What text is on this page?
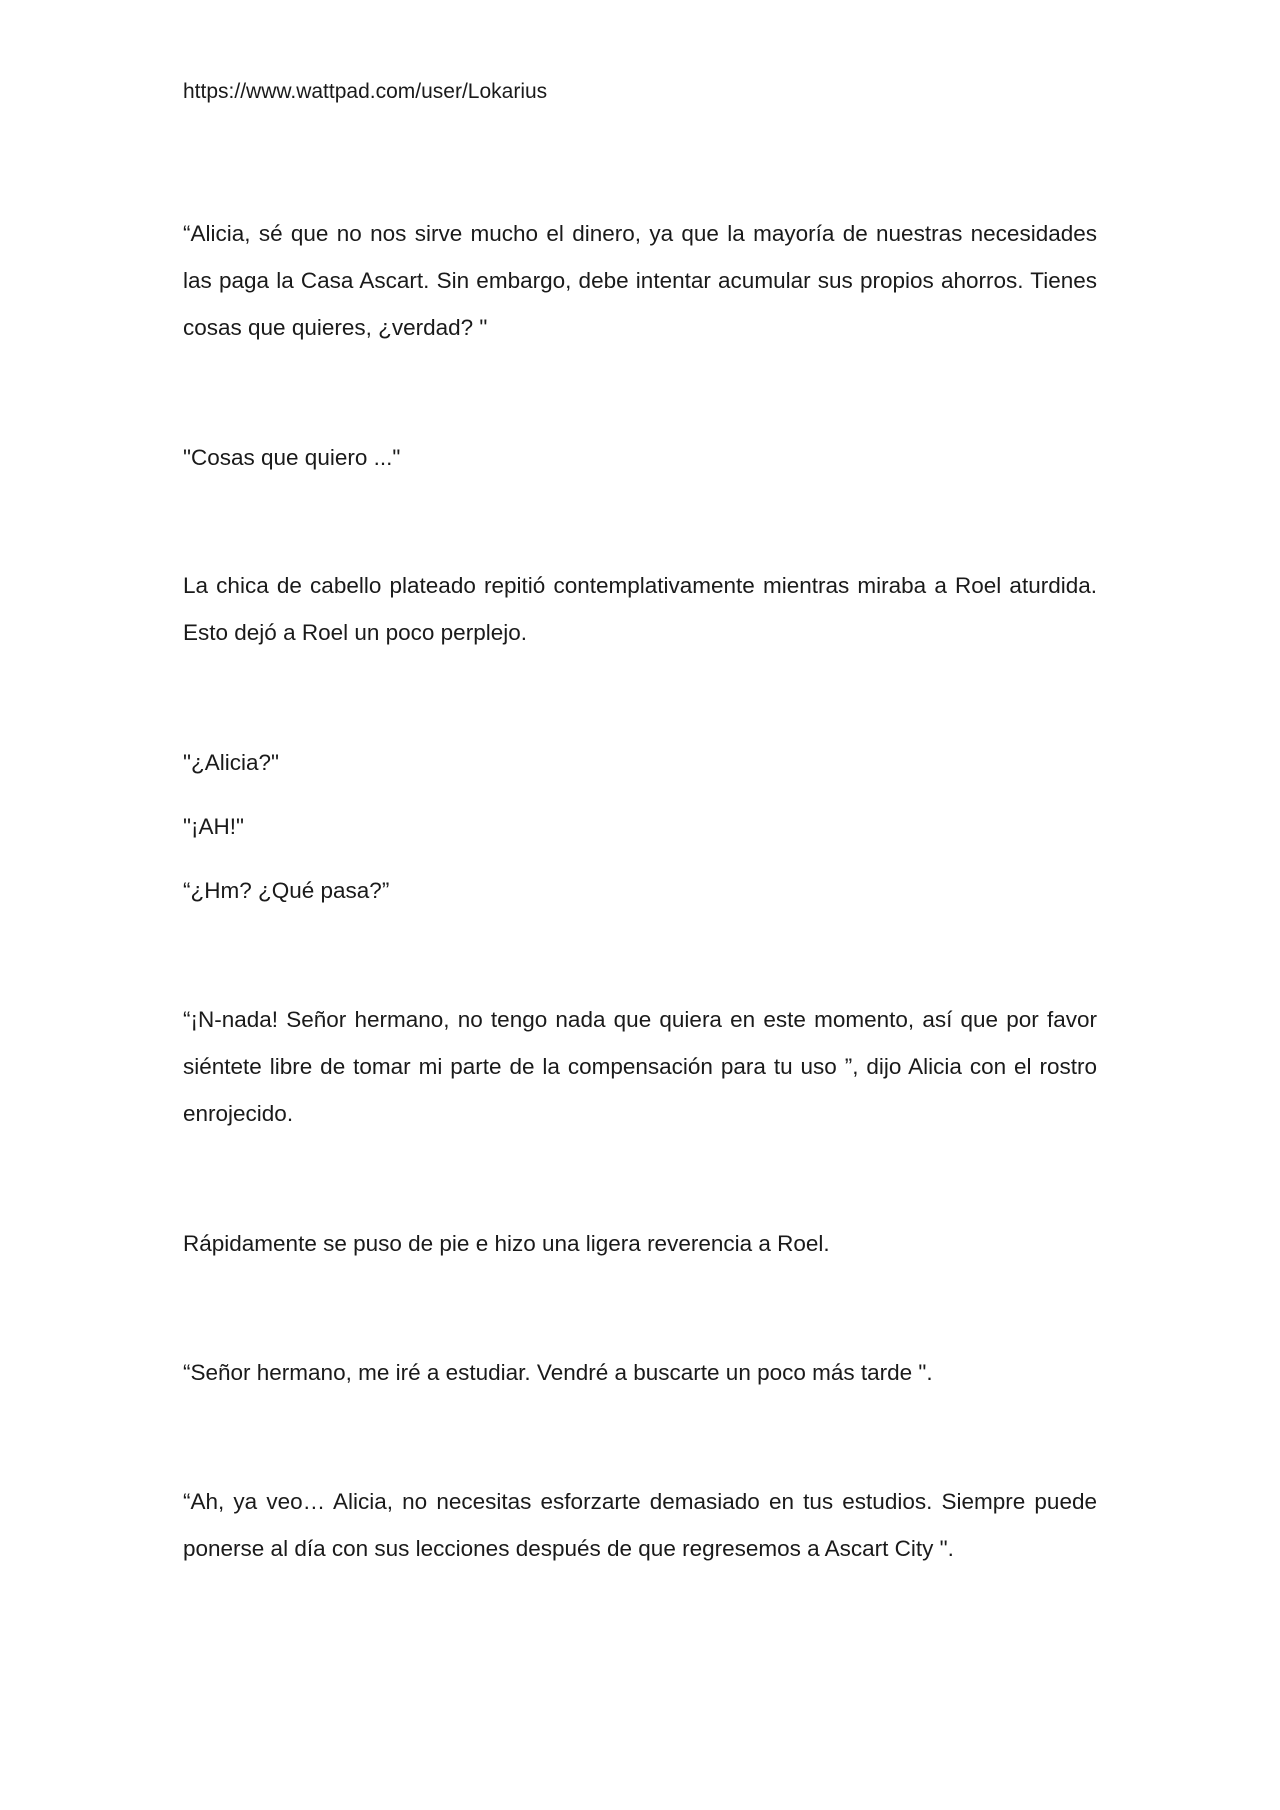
https://www.wattpad.com/user/Lokarius

“Alicia, sé que no nos sirve mucho el dinero, ya que la mayoría de nuestras necesidades las paga la Casa Ascart. Sin embargo, debe intentar acumular sus propios ahorros. Tienes cosas que quieres, ¿verdad? "

"Cosas que quiero ..."

La chica de cabello plateado repitió contemplativamente mientras miraba a Roel aturdida. Esto dejó a Roel un poco perplejo.

"¿Alicia?"

"¡AH!"

“¿Hm? ¿Qué pasa?”

“¡N-nada! Señor hermano, no tengo nada que quiera en este momento, así que por favor siéntete libre de tomar mi parte de la compensación para tu uso ”, dijo Alicia con el rostro enrojecido.

Rápidamente se puso de pie e hizo una ligera reverencia a Roel.

“Señor hermano, me iré a estudiar. Vendré a buscarte un poco más tarde ".

“Ah, ya veo… Alicia, no necesitas esforzarte demasiado en tus estudios. Siempre puede ponerse al día con sus lecciones después de que regresemos a Ascart City ".
